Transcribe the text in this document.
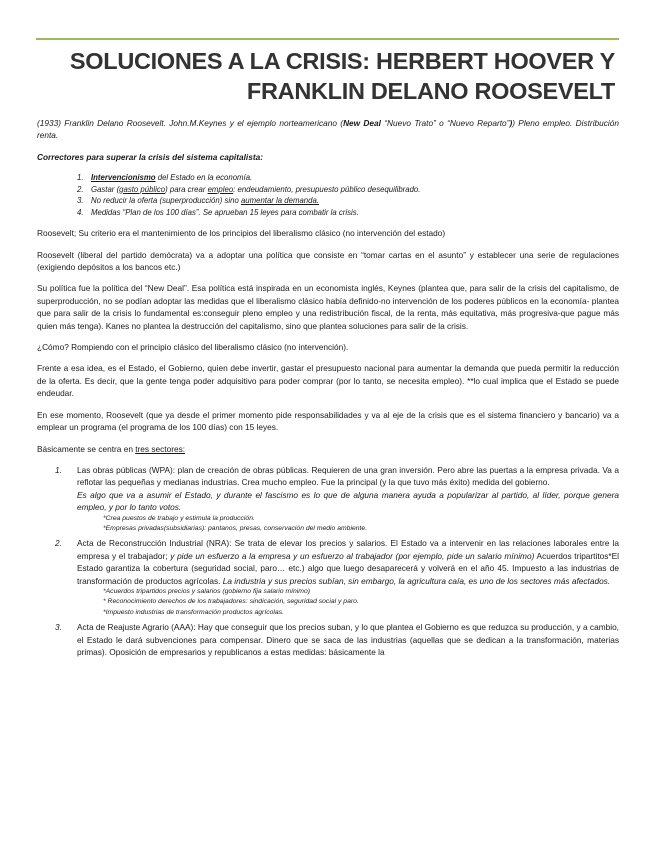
SOLUCIONES A LA CRISIS: HERBERT HOOVER Y FRANKLIN DELANO ROOSEVELT

(1933) Franklin Delano Roosevelt. John.M.Keynes y el ejemplo norteamericano (New Deal “Nuevo Trato” o “Nuevo Reparto”)) Pleno empleo. Distribución renta.

Correctores para superar la crisis del sistema capitalista:

1. Intervencionismo del Estado en la economía.
2. Gastar (gasto público) para crear empleo: endeudamiento, presupuesto público desequilibrado.
3. No reducir la oferta (superproducción) sino aumentar la demanda.
4. Medidas “Plan de los 100 días”. Se aprueban 15 leyes para combatir la crisis.

Roosevelt; Su criterio era el mantenimiento de los principios del liberalismo clásico (no intervención del estado)

Roosevelt (liberal del partido demócrata) va a adoptar una política que consiste en “tomar cartas en el asunto” y establecer una serie de regulaciones (exigiendo depósitos a los bancos etc.)

Su política fue la política del “New Deal”. Esa política está inspirada en un economista inglés, Keynes (plantea que, para salir de la crisis del capitalismo, de superproducción, no se podían adoptar las medidas que el liberalismo clásico había definido-no intervención de los poderes públicos en la economía- plantea que para salir de la crisis lo fundamental es:conseguir pleno empleo y una redistribución fiscal, de la renta, más equitativa, más progresiva-que pague más quien más tenga). Kanes no plantea la destrucción del capitalismo, sino que plantea soluciones para salir de la crisis.

¿Cómo? Rompiendo con el principio clásico del liberalismo clásico (no intervención).

Frente a esa idea, es el Estado, el Gobierno, quien debe invertir, gastar el presupuesto nacional para aumentar la demanda que pueda permitir la reducción de la oferta. Es decir, que la gente tenga poder adquisitivo para poder comprar (por lo tanto, se necesita empleo). **lo cual implica que el Estado se puede endeudar.

En ese momento, Roosevelt (que ya desde el primer momento pide responsabilidades y va al eje de la crisis que es el sistema financiero y bancario) va a emplear un programa (el programa de los 100 días) con 15 leyes.

Básicamente se centra en tres sectores:

1. Las obras públicas (WPA): plan de creación de obras públicas. Requieren de una gran inversión. Pero abre las puertas a la empresa privada. Va a reflotar las pequeñas y medianas industrias. Crea mucho empleo. Fue la principal (y la que tuvo más éxito) medida del gobierno.
Es algo que va a asumir el Estado, y durante el fascismo es lo que de alguna manera ayuda a popularizar al partido, al líder, porque genera empleo, y por lo tanto votos.
*Crea puestos de trabajo y estimula la producción.
*Empresas privadas(subsidiarias): pantanos, presas, conservación del medio ambiente.
2. Acta de Reconstrucción Industrial (NRA): Se trata de elevar los precios y salarios. El Estado va a intervenir en las relaciones laborales entre la empresa y el trabajador; y pide un esfuerzo a la empresa y un esfuerzo al trabajador (por ejemplo, pide un salario mínimo) Acuerdos tripartitos*El Estado garantiza la cobertura (seguridad social, paro… etc.) algo que luego desaparecerá y volverá en el año 45. Impuesto a las industrias de transformación de productos agrícolas. La industria y sus precios subían, sin embargo, la agricultura caía, es uno de los sectores más afectados.
*Acuerdos tripartidos precios y salarios (gobierno fija salario mínimo)
* Reconocimiento derechos de los trabajadores: sindicación, seguridad social y paro.
*Impuesto industrias de transformación productos agrícolas.
3. Acta de Reajuste Agrario (AAA): Hay que conseguir que los precios suban, y lo que plantea el Gobierno es que reduzca su producción, y a cambio, el Estado le dará subvenciones para compensar. Dinero que se saca de las industrias (aquellas que se dedican a la transformación, materias primas). Oposición de empresarios y republicanos a estas medidas: básicamente la
